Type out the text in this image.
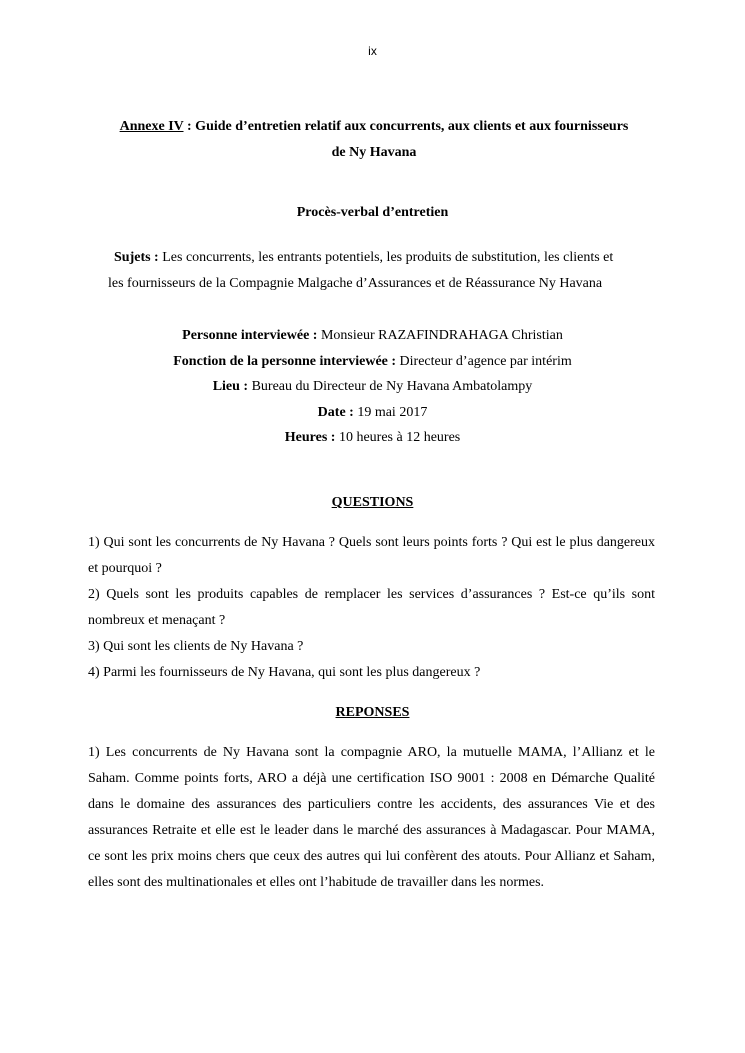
ix
Annexe IV : Guide d’entretien relatif aux concurrents, aux clients et aux fournisseurs
de Ny Havana
Procès-verbal d’entretien
Sujets : Les concurrents, les entrants potentiels, les produits de substitution, les clients et
les fournisseurs de la Compagnie Malgache d’Assurances et de Réassurance Ny Havana
Personne interviewée : Monsieur RAZAFINDRAHAGA Christian
Fonction de la personne interviewée : Directeur d’agence par intérim
Lieu : Bureau du Directeur de Ny Havana Ambatolampy
Date : 19 mai 2017
Heures : 10 heures à 12 heures
QUESTIONS

1) Qui sont les concurrents de Ny Havana ? Quels sont leurs points forts ? Qui est le plus dangereux et pourquoi ?

2) Quels sont les produits capables de remplacer les services d’assurances ? Est-ce qu’ils sont nombreux et menaçant ?

3) Qui sont les clients de Ny Havana ?

4) Parmi les fournisseurs de Ny Havana, qui sont les plus dangereux ?

REPONSES

1) Les concurrents de Ny Havana sont la compagnie ARO, la mutuelle MAMA, l’Allianz et le Saham. Comme points forts, ARO a déjà une certification ISO 9001 : 2008 en Démarche Qualité dans le domaine des assurances des particuliers contre les accidents, des assurances Vie et des assurances Retraite et elle est le leader dans le marché des assurances à Madagascar. Pour MAMA, ce sont les prix moins chers que ceux des autres qui lui confèrent des atouts. Pour Allianz et Saham, elles sont des multinationales et elles ont l’habitude de travailler dans les normes.
